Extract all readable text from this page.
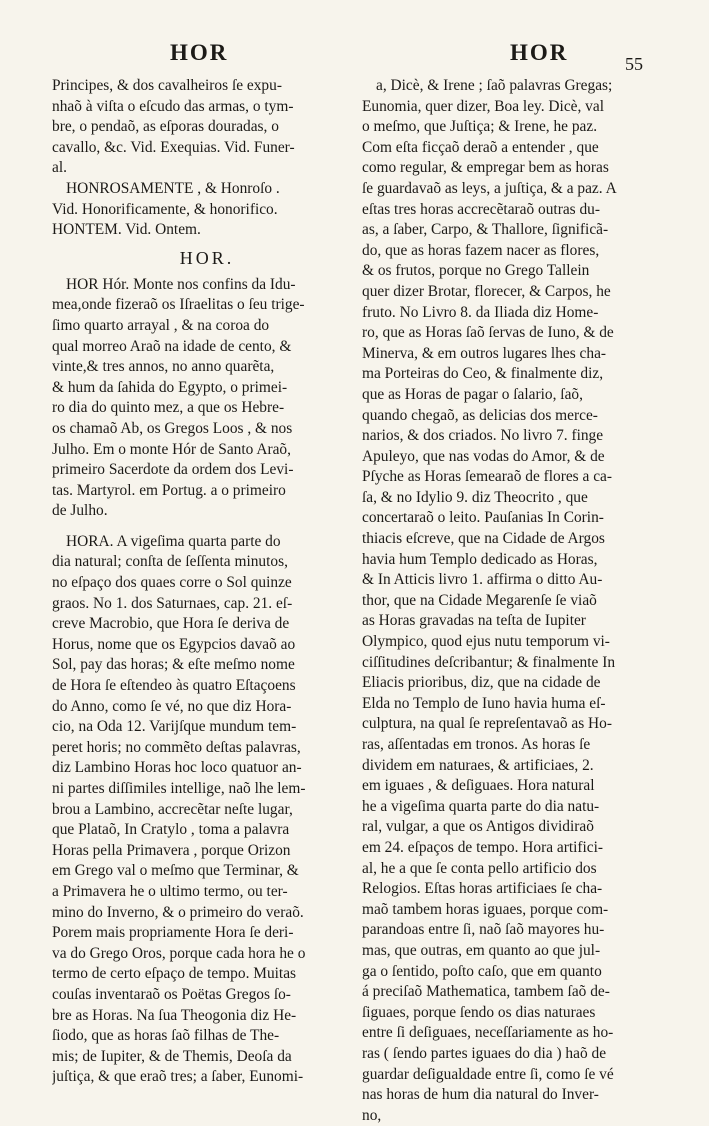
HOR	HOR	55
Principes, & dos cavalheiros ſe expu-
nhaõ à viſta o eſcudo das armas, o tym-
bre, o pendaõ, as eſporas douradas, o
cavallo, &c. Vid. Exequias. Vid. Funer-
al.
HONROSAMENTE , & Honroſo .
Vid. Honorificamente, & honorifico.
HONTEM. Vid. Ontem.
HOR.
HOR Hór. Monte nos confins da Idu-
mea,onde fizeraõ os Iſraelitas o ſeu trige-
ſimo quarto arrayal , & na coroa do
qual morreo Araõ na idade de cento, &
vinte,& tres annos, no anno quarẽta,
& hum da ſahida do Egypto, o primei-
ro dia do quinto mez, a que os Hebre-
os chamaõ Ab, os Gregos Loos , & nos
Julho. Em o monte Hór de Santo Araõ,
primeiro Sacerdote da ordem dos Levi-
tas. Martyrol. em Portug. a o primeiro
de Julho.
HORA. A vigeſima quarta parte do
dia natural; conſta de ſeſſenta minutos,
no eſpaço dos quaes corre o Sol quinze
graos. No 1. dos Saturnaes, cap. 21. eſ-
creve Macrobio, que Hora ſe deriva de
Horus, nome que os Egypcios davaõ ao
Sol, pay das horas; & eſte meſmo nome
de Hora ſe eſtendeo às quatro Eſtaçoens
do Anno, como ſe vé, no que diz Hora-
cio, na Oda 12. Varijſque mundum tem-
peret horis; no commẽto deſtas palavras,
diz Lambino Horas hoc loco quatuor an-
ni partes diſſimiles intellige, naõ lhe lem-
brou a Lambino, accrecẽtar neſte lugar,
que Plataõ, In Cratylo , toma a palavra
Horas pella Primavera , porque Orizon
em Grego val o meſmo que Terminar, &
a Primavera he o ultimo termo, ou ter-
mino do Inverno, & o primeiro do veraõ.
Porem mais propriamente Hora ſe deri-
va do Grego Oros, porque cada hora he o
termo de certo eſpaço de tempo. Muitas
couſas inventaraõ os Poëtas Gregos ſo-
bre as Horas. Na ſua Theogonia diz He-
ſiodo, que as horas ſaõ filhas de The-
mis; de Iupiter, & de Themis, Deoſa da
juſtiça, & que eraõ tres; a ſaber, Eunomi-
a, Dicè, & Irene ; ſaõ palavras Gregas;
Eunomia, quer dizer, Boa ley. Dicè, val
o meſmo, que Juſtiça; & Irene, he paz.
Com eſta ficçaõ deraõ a entender , que
como regular, & empregar bem as horas
ſe guardavaõ as leys, a juſtiça, & a paz. A
eſtas tres horas accrecẽtaraõ outras du-
as, a ſaber, Carpo, & Thallore, ſignificã-
do, que as horas fazem nacer as flores,
& os frutos, porque no Grego Tallein
quer dizer Brotar, florecer, & Carpos, he
fruto. No Livro 8. da Iliada diz Home-
ro, que as Horas ſaõ ſervas de Iuno, & de
Minerva, & em outros lugares lhes cha-
ma Porteiras do Ceo, & finalmente diz,
que as Horas de pagar o ſalario, ſaõ,
quando chegaõ, as delicias dos merce-
narios, & dos criados. No livro 7. finge
Apuleyo, que nas vodas do Amor, & de
Pſyche as Horas ſemearaõ de flores a ca-
ſa, & no Idylio 9. diz Theocrito , que
concertaraõ o leito. Pauſanias In Corin-
thiacis eſcreve, que na Cidade de Argos
havia hum Templo dedicado as Horas,
& In Atticis livro 1. affirma o ditto Au-
thor, que na Cidade Megarenſe ſe viaõ
as Horas gravadas na teſta de Iupiter
Olympico, quod ejus nutu temporum vi-
ciſſitudines deſcribantur; & finalmente In
Eliacis prioribus, diz, que na cidade de
Elda no Templo de Iuno havia huma eſ-
culptura, na qual ſe repreſentavaõ as Ho-
ras, aſſentadas em tronos. As horas ſe
dividem em naturaes, & artificiaes, 2.
em iguaes , & deſiguaes. Hora natural
he a vigeſima quarta parte do dia natu-
ral, vulgar, a que os Antigos dividiraõ
em 24. eſpaços de tempo. Hora artifici-
al, he a que ſe conta pello artificio dos
Relogios. Eſtas horas artificiaes ſe cha-
maõ tambem horas iguaes, porque com-
parandoas entre ſi, naõ ſaõ mayores hu-
mas, que outras, em quanto ao que jul-
ga o ſentido, poſto caſo, que em quanto
á preciſaõ Mathematica, tambem ſaõ de-
ſiguaes, porque ſendo os dias naturaes
entre ſi deſiguaes, neceſſariamente as ho-
ras ( ſendo partes iguaes do dia ) haõ de
guardar deſigualdade entre ſi, como ſe vé
nas horas de hum dia natural do Inver-
no,
